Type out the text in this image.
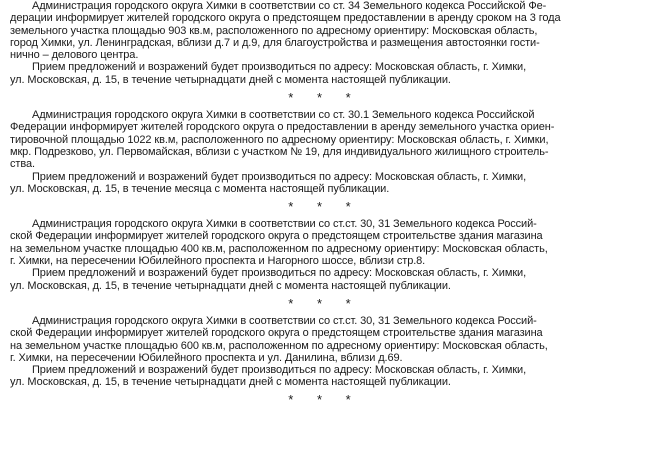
Администрация городского округа Химки в соответствии со ст. 34 Земельного кодекса Российской Фе-
дерации информирует жителей городского округа о предстоящем предоставлении в аренду сроком на 3 года
земельного участка площадью 903 кв.м, расположенного по адресному ориентиру: Московская область,
город Химки, ул. Ленинградская, вблизи д.7 и д.9, для благоустройства и размещения автостоянки гости-
нично – делового центра.

Прием предложений и возражений будет производиться по адресу: Московская область, г. Химки,
ул. Московская, д. 15, в течение четырнадцати дней с момента настоящей публикации.

* * *

Администрация городского округа Химки в соответствии со ст. 30.1 Земельного кодекса Российской
Федерации информирует жителей городского округа о предоставлении в аренду земельного участка ориен-
тировочной площадью 1022 кв.м, расположенного по адресному ориентиру: Московская область, г. Химки,
мкр. Подрезково, ул. Первомайская, вблизи с участком № 19, для индивидуального жилищного строитель-
ства.

Прием предложений и возражений будет производиться по адресу: Московская область, г. Химки,
ул. Московская, д. 15, в течение месяца с момента настоящей публикации.

* * *

Администрация городского округа Химки в соответствии со ст.ст. 30, 31 Земельного кодекса Россий-
ской Федерации информирует жителей городского округа о предстоящем строительстве здания магазина
на земельном участке площадью 400 кв.м, расположенном по адресному ориентиру: Московская область,
г. Химки, на пересечении Юбилейного проспекта и Нагорного шоссе, вблизи стр.8.

Прием предложений и возражений будет производиться по адресу: Московская область, г. Химки,
ул. Московская, д. 15, в течение четырнадцати дней с момента настоящей публикации.

* * *

Администрация городского округа Химки в соответствии со ст.ст. 30, 31 Земельного кодекса Россий-
ской Федерации информирует жителей городского округа о предстоящем строительстве здания магазина
на земельном участке площадью 600 кв.м, расположенном по адресному ориентиру: Московская область,
г. Химки, на пересечении Юбилейного проспекта и ул. Данилина, вблизи д.69.

Прием предложений и возражений будет производиться по адресу: Московская область, г. Химки,
ул. Московская, д. 15, в течение четырнадцати дней с момента настоящей публикации.

* * *
